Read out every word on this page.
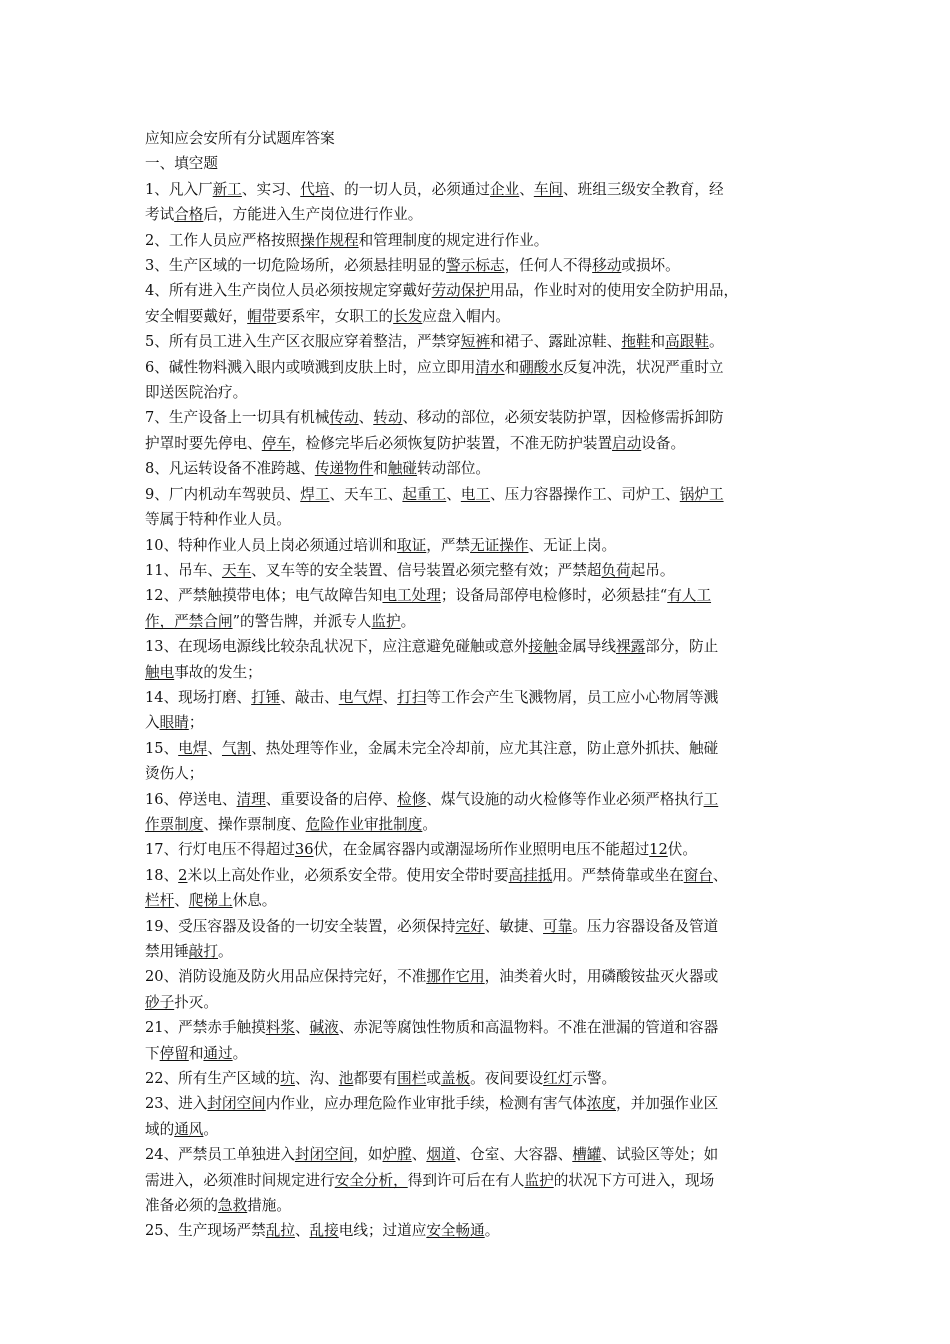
应知应会安所有分试题库答案
一、填空题
1、凡入厂新工、实习、代培、的一切人员，必须通过企业、车间、班组三级安全教育，经
考试合格后，方能进入生产岗位进行作业。
2、工作人员应严格按照操作规程和管理制度的规定进行作业。
3、生产区域的一切危险场所，必须悬挂明显的警示标志，任何人不得移动或损坏。
4、所有进入生产岗位人员必须按规定穿戴好劳动保护用品，作业时对的使用安全防护用品，
安全帽要戴好，帽带要系牢，女职工的长发应盘入帽内。
5、所有员工进入生产区衣服应穿着整洁，严禁穿短裤和裙子、露趾凉鞋、拖鞋和高跟鞋。
6、碱性物料溅入眼内或喷溅到皮肤上时，应立即用清水和硼酸水反复冲洗，状况严重时立
即送医院治疗。
7、生产设备上一切具有机械传动、转动、移动的部位，必须安装防护罩，因检修需拆卸防
护罩时要先停电、停车，检修完毕后必须恢复防护装置，不准无防护装置启动设备。
8、凡运转设备不准跨越、传递物件和触碰转动部位。
9、厂内机动车驾驶员、焊工、天车工、起重工、电工、压力容器操作工、司炉工、锅炉工
等属于特种作业人员。
10、特种作业人员上岗必须通过培训和取证，严禁无证操作、无证上岗。
11、吊车、天车、叉车等的安全装置、信号装置必须完整有效；严禁超负荷起吊。
12、严禁触摸带电体；电气故障告知电工处理；设备局部停电检修时，必须悬挂“有人工
作，严禁合闸”的警告牌，并派专人监护。
13、在现场电源线比较杂乱状况下，应注意避免碰触或意外接触金属导线裸露部分，防止
触电事故的发生；
14、现场打磨、打锤、敲击、电气焊、打扫等工作会产生飞溅物屑，员工应小心物屑等溅
入眼睛；
15、电焊、气割、热处理等作业，金属未完全冷却前，应尤其注意，防止意外抓扶、触碰
烫伤人；
16、停送电、清理、重要设备的启停、检修、煤气设施的动火检修等作业必须严格执行工
作票制度、操作票制度、危险作业审批制度。
17、行灯电压不得超过36伏，在金属容器内或潮湿场所作业照明电压不能超过12伏。
18、2米以上高处作业，必须系安全带。使用安全带时要高挂抵用。严禁倚靠或坐在窗台、
栏杆、爬梯上休息。
19、受压容器及设备的一切安全装置，必须保持完好、敏捷、可靠。压力容器设备及管道
禁用锤敲打。
20、消防设施及防火用品应保持完好，不准挪作它用，油类着火时，用磷酸铵盐灭火器或
砂子扑灭。
21、严禁赤手触摸料浆、碱液、赤泥等腐蚀性物质和高温物料。不准在泄漏的管道和容器
下停留和通过。
22、所有生产区域的坑、沟、池都要有围栏或盖板。夜间要设红灯示警。
23、进入封闭空间内作业，应办理危险作业审批手续，检测有害气体浓度，并加强作业区
域的通风。
24、严禁员工单独进入封闭空间，如炉膛、烟道、仓室、大容器、槽罐、试验区等处；如
需进入，必须准时间规定进行安全分析，得到许可后在有人监护的状况下方可进入，现场
准备必须的急救措施。
25、生产现场严禁乱拉、乱接电线；过道应安全畅通。
